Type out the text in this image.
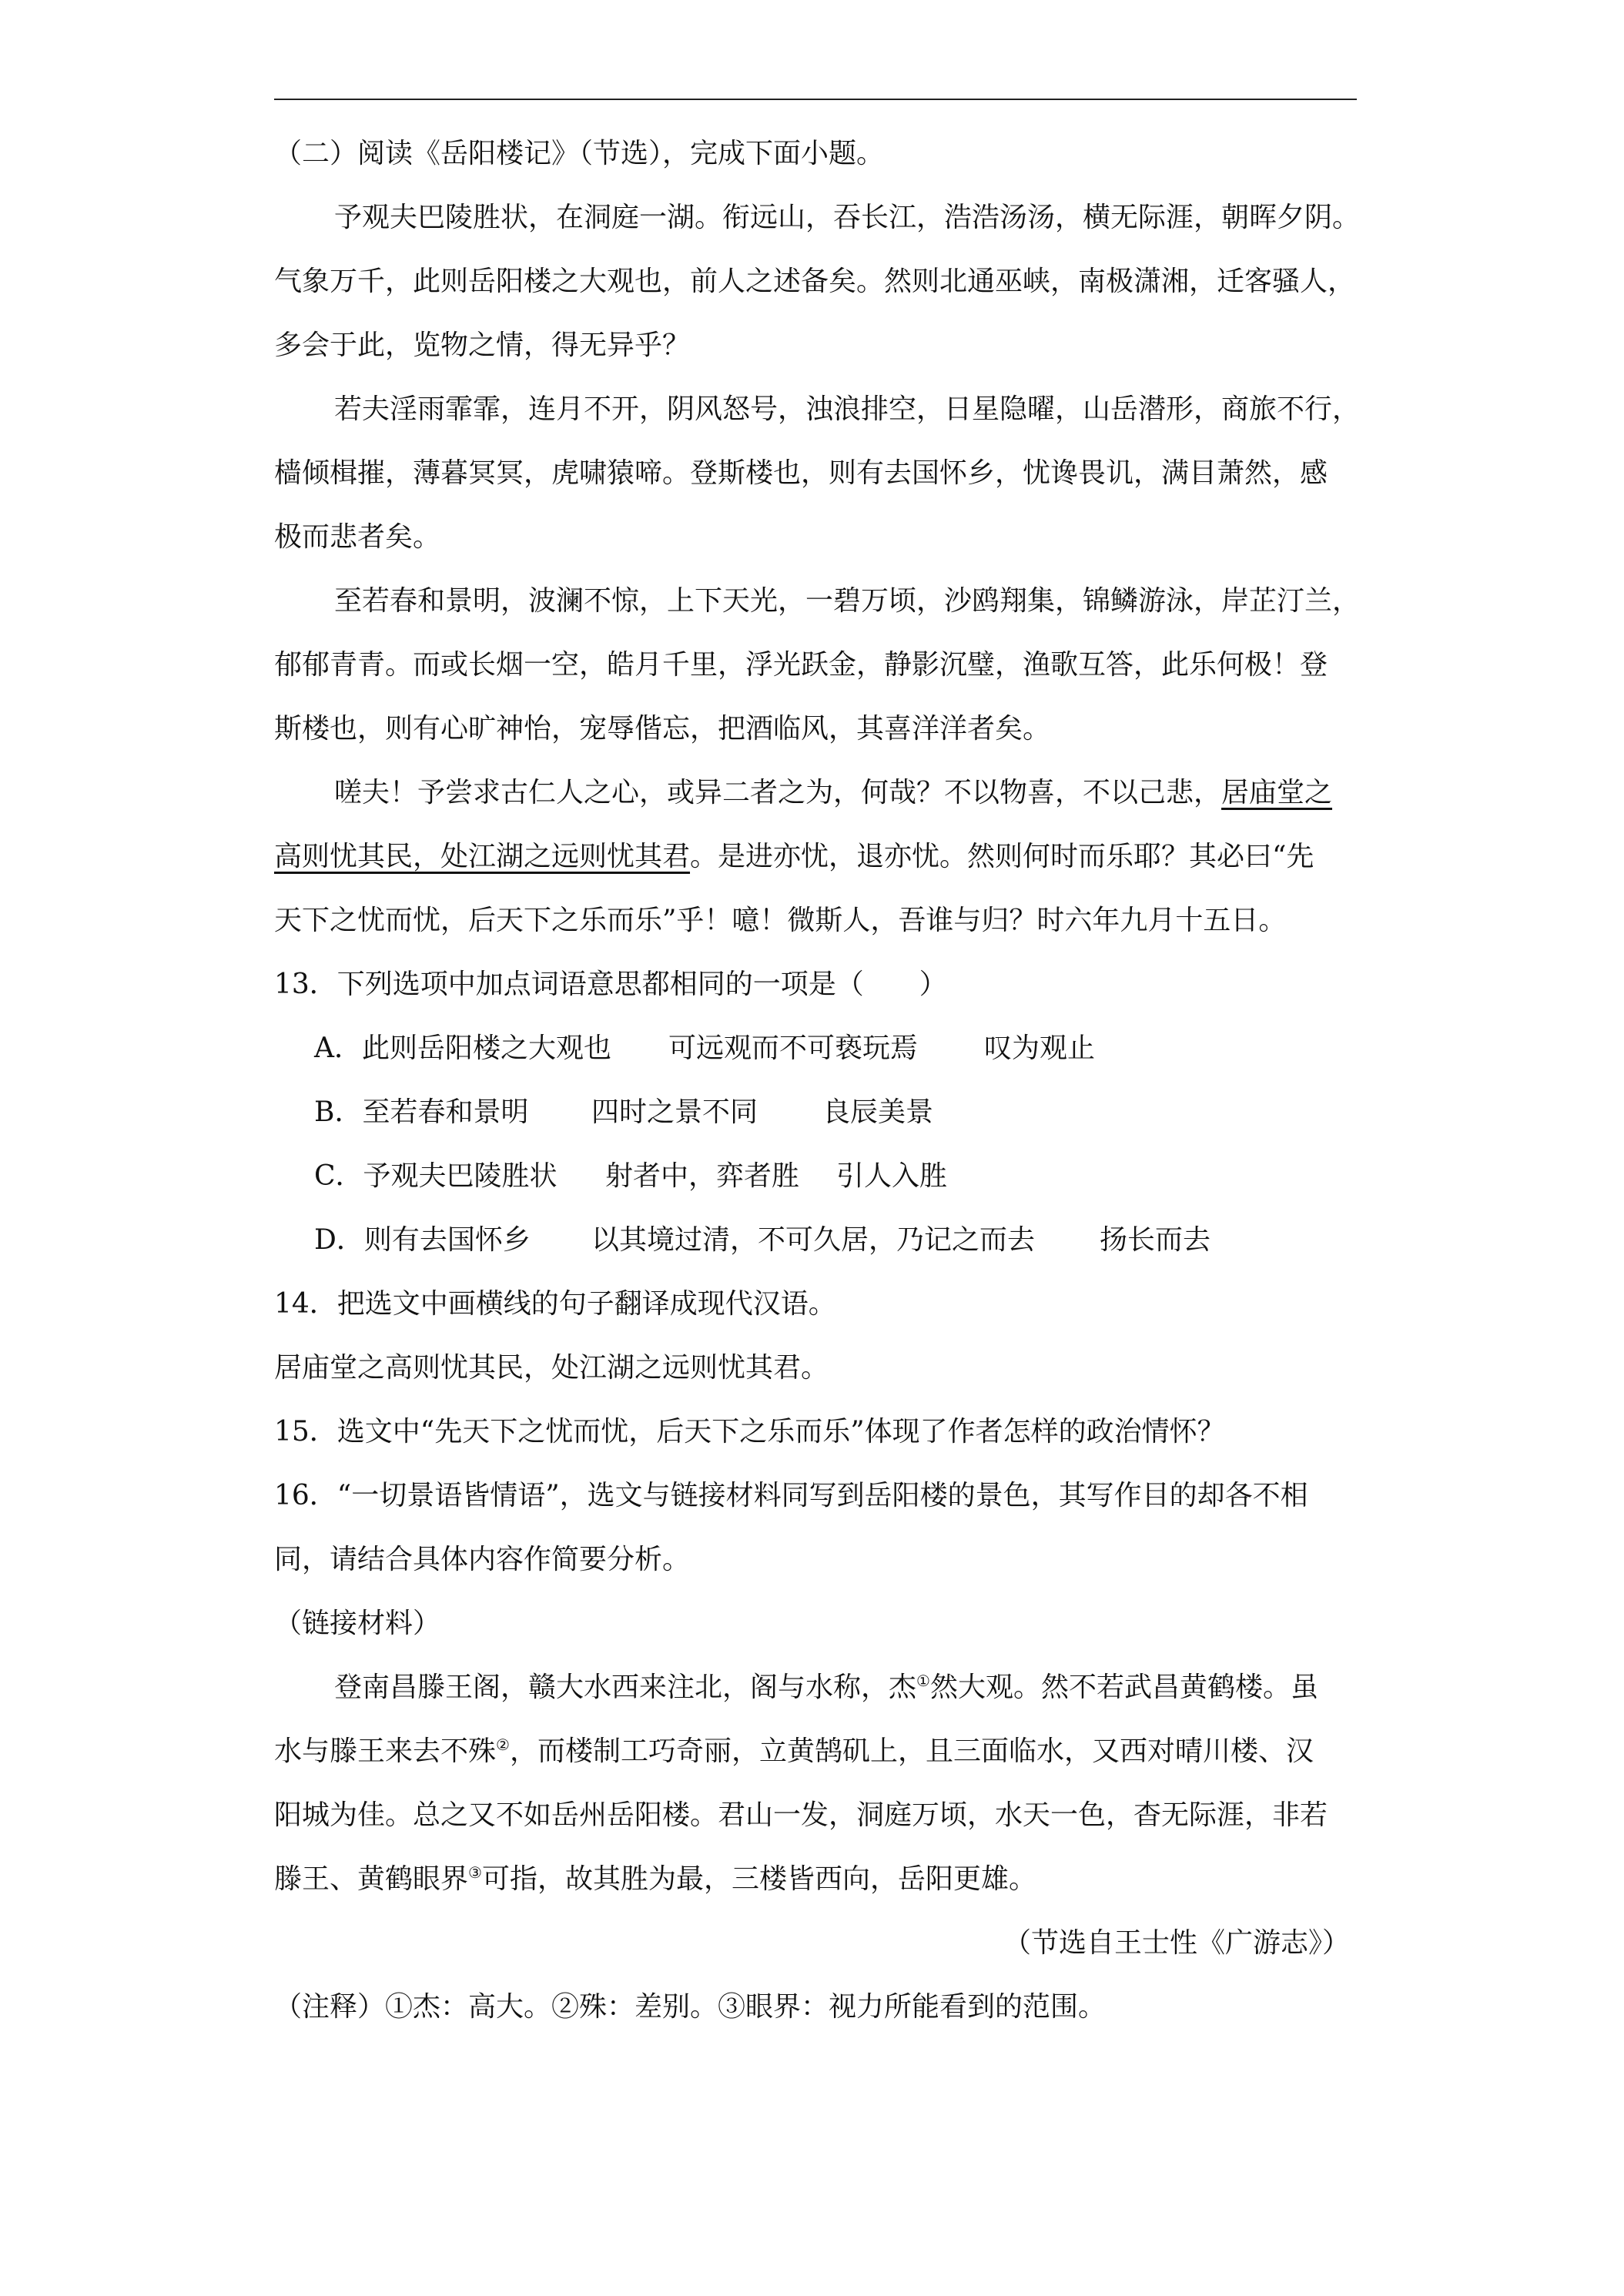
（二）阅读《岳阳楼记》（节选），完成下面小题。
予观夫巴陵胜状，在洞庭一湖。衔远山，吞长江，浩浩汤汤，横无际涯，朝晖夕阴。
气象万千，此则岳阳楼之大观也，前人之述备矣。然则北通巫峡，南极潇湘，迁客骚人，
多会于此，览物之情，得无异乎？
若夫淫雨霏霏，连月不开，阴风怒号，浊浪排空，日星隐曜，山岳潜形，商旅不行，
樯倾楫摧，薄暮冥冥，虎啸猿啼。登斯楼也，则有去国怀乡，忧谗畏讥，满目萧然，感
极而悲者矣。
至若春和景明，波澜不惊，上下天光，一碧万顷，沙鸥翔集，锦鳞游泳，岸芷汀兰，
郁郁青青。而或长烟一空，皓月千里，浮光跃金，静影沉璧，渔歌互答，此乐何极！登
斯楼也，则有心旷神怡，宠辱偕忘，把酒临风，其喜洋洋者矣。
嗟夫！予尝求古仁人之心，或异二者之为，何哉？不以物喜，不以己悲，居庙堂之
高则忧其民，处江湖之远则忧其君。是进亦忧，退亦忧。然则何时而乐耶？其必曰“先
天下之忧而忧，后天下之乐而乐”乎！噫！微斯人，吾谁与归？时六年九月十五日。
13．下列选项中加点词语意思都相同的一项是（　　）
A．此则岳阳楼之大观也 可远观而不可亵玩焉 叹为观止
B．至若春和景明 四时之景不同 良辰美景
C．予观夫巴陵胜状 射者中，弈者胜 引人入胜
D．则有去国怀乡 以其境过清，不可久居，乃记之而去 扬长而去
14．把选文中画横线的句子翻译成现代汉语。
居庙堂之高则忧其民，处江湖之远则忧其君。
15．选文中“先天下之忧而忧，后天下之乐而乐”体现了作者怎样的政治情怀？
16．“一切景语皆情语”，选文与链接材料同写到岳阳楼的景色，其写作目的却各不相
同，请结合具体内容作简要分析。
（链接材料）
登南昌滕王阁，赣大水西来注北，阁与水称，杰①然大观。然不若武昌黄鹤楼。虽
水与滕王来去不殊②，而楼制工巧奇丽，立黄鹄矶上，且三面临水，又西对晴川楼、汉
阳城为佳。总之又不如岳州岳阳楼。君山一发，洞庭万顷，水天一色，杳无际涯，非若
滕王、黄鹤眼界③可指，故其胜为最，三楼皆西向，岳阳更雄。
（节选自王士性《广游志》）
（注释）①杰：高大。②殊：差别。③眼界：视力所能看到的范围。
